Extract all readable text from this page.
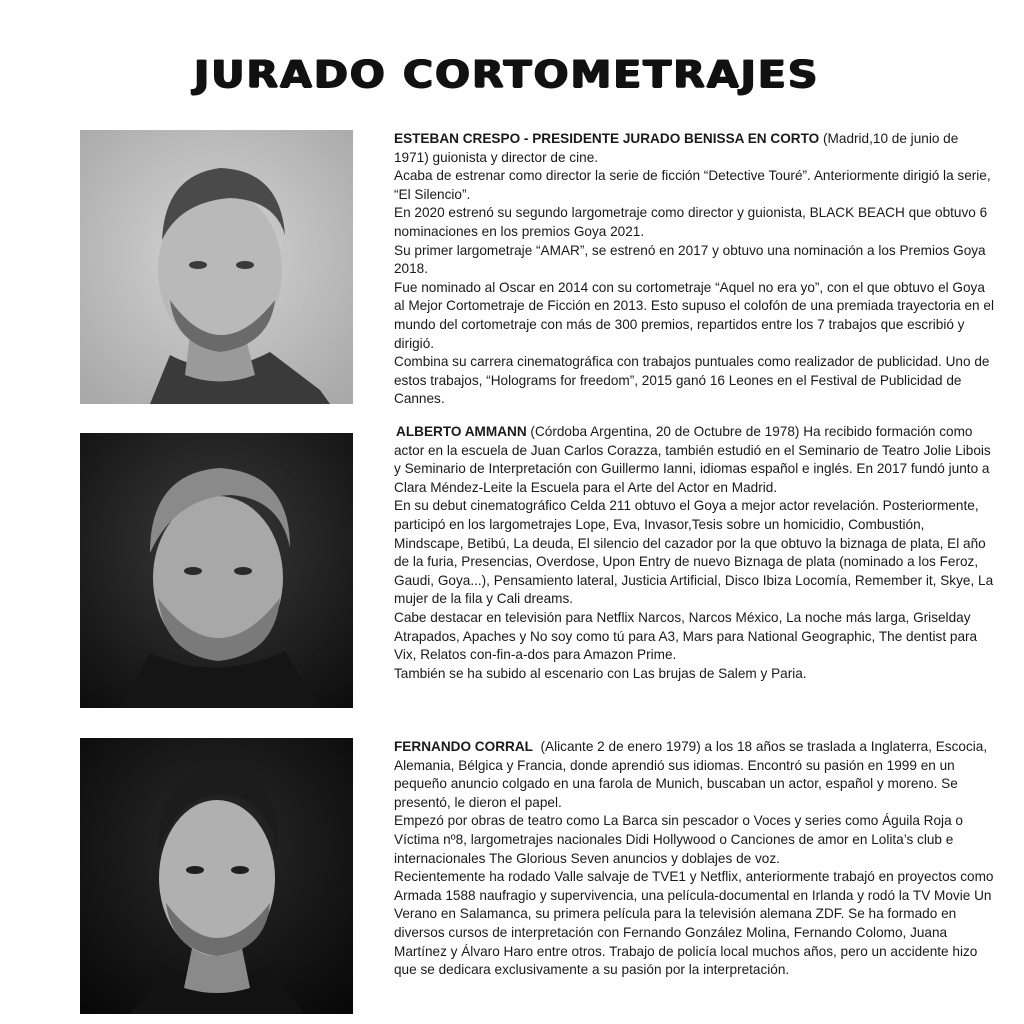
JURADO CORTOMETRAJES

ESTEBAN CRESPO - PRESIDENTE JURADO BENISSA EN CORTO (Madrid,10 de junio de 1971) guionista y director de cine.

Acaba de estrenar como director la serie de ficción “Detective Touré”. Anteriormente dirigió la serie, “El Silencio”.

En 2020 estrenó su segundo largometraje como director y guionista, BLACK BEACH que obtuvo 6 nominaciones en los premios Goya 2021.

Su primer largometraje “AMAR”, se estrenó en 2017 y obtuvo una nominación a los Premios Goya 2018.

Fue nominado al Oscar en 2014 con su cortometraje “Aquel no era yo”, con el que obtuvo el Goya al Mejor Cortometraje de Ficción en 2013. Esto supuso el colofón de una premiada trayectoria en el mundo del cortometraje con más de 300 premios, repartidos entre los 7 trabajos que escribió y dirigió.

Combina su carrera cinematográfica con trabajos puntuales como realizador de publicidad. Uno de estos trabajos, “Holograms for freedom”, 2015 ganó 16 Leones en el Festival de Publicidad de Cannes.

ALBERTO AMMANN (Córdoba Argentina, 20 de Octubre de 1978) Ha recibido formación como actor en la escuela de Juan Carlos Corazza, también estudió en el Seminario de Teatro Jolie Libois y Seminario de Interpretación con Guillermo Ianni, idiomas español e inglés. En 2017 fundó junto a Clara Méndez-Leite la Escuela para el Arte del Actor en Madrid.

En su debut cinematográfico Celda 211 obtuvo el Goya a mejor actor revelación. Posteriormente, participó en los largometrajes Lope, Eva, Invasor,Tesis sobre un homicidio, Combustión, Mindscape, Betibú, La deuda, El silencio del cazador por la que obtuvo la biznaga de plata, El año de la furia, Presencias, Overdose, Upon Entry de nuevo Biznaga de plata (nominado a los Feroz, Gaudi, Goya...), Pensamiento lateral, Justicia Artificial, Disco Ibiza Locomía, Remember it, Skye, La mujer de la fila y Cali dreams.

Cabe destacar en televisión para Netflix Narcos, Narcos México, La noche más larga, Griselday Atrapados, Apaches y No soy como tú para A3, Mars para National Geographic, The dentist para Vix, Relatos con-fin-a-dos para Amazon Prime.

También se ha subido al escenario con Las brujas de Salem y Paria.

FERNANDO CORRAL  (Alicante 2 de enero 1979) a los 18 años se traslada a Inglaterra, Escocia, Alemania, Bélgica y Francia, donde aprendió sus idiomas. Encontró su pasión en 1999 en un pequeño anuncio colgado en una farola de Munich, buscaban un actor, español y moreno. Se presentó, le dieron el papel.

Empezó por obras de teatro como La Barca sin pescador o Voces y series como Águila Roja o Víctima nº8, largometrajes nacionales Didi Hollywood o Canciones de amor en Lolita’s club e internacionales The Glorious Seven anuncios y doblajes de voz.

Recientemente ha rodado Valle salvaje de TVE1 y Netflix, anteriormente trabajó en proyectos como Armada 1588 naufragio y supervivencia, una película-documental en Irlanda y rodó la TV Movie Un Verano en Salamanca, su primera película para la televisión alemana ZDF. Se ha formado en diversos cursos de interpretación con Fernando González Molina, Fernando Colomo, Juana Martínez y Álvaro Haro entre otros. Trabajo de policía local muchos años, pero un accidente hizo que se dedicara exclusivamente a su pasión por la interpretación.
